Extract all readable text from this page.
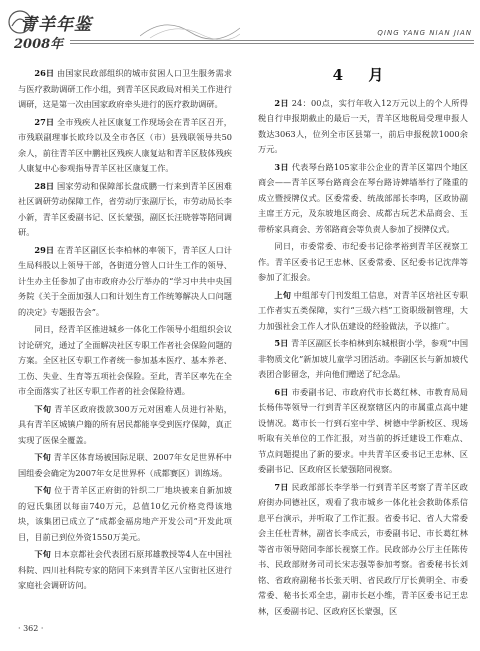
青羊年鉴
2008年
QING YANG NIAN JIAN

26日 由国家民政部组织的城市贫困人口卫生服务需求与医疗救助调研工作小组，到青羊区民政局对相关工作进行调研，这是第一次由国家政府牵头进行的医疗救助调研。

27日 全市残疾人社区康复工作现场会在青羊区召开，市残联副理事长欧玲以及全市各区（市）县残联领导共50余人，前往青羊区中鹏社区残疾人康复站和青羊区肢体残疾人康复中心参观指导青羊区社区康复工作。

28日 国家劳动和保障部长盘成鹏一行来到青羊区困难社区调研劳动保障工作，省劳动厅张副厅长，市劳动局长李小新，青羊区委副书记、区长蒙强，副区长汪晓蓉等陪同调研。

29日 在青羊区副区长李柏林的率领下，青羊区人口计生局科股以上领导干部，各街道分管人口计生工作的领导、计生办主任参加了由市政府办公厅举办的“学习中共中央国务院《关于全面加强人口和计划生育工作统筹解决人口问题的决定》专题报告会”。

同日，经青羊区推进城乡一体化工作领导小组组织会议讨论研究，通过了全面解决社区专职工作者社会保险问题的方案。全区社区专职工作者统一参加基本医疗、基本养老、工伤、失业、生育等五项社会保险。至此，青羊区率先在全市全面落实了社区专职工作者的社会保险待遇。

下旬 青羊区政府拨款300万元对困难人员进行补贴，具有青羊区城镇户籍的所有居民都能享受到医疗保障，真正实现了医保全覆盖。

下旬 青羊区体育场被国际足联、2007年女足世界杯中国组委会确定为2007年女足世界杯（成都赛区）训练场。

下旬 位于青羊区正府街的针织二厂地块被来自新加坡的冠氏集团以每亩740万元，总值10亿元价格竞得该地块，该集团已成立了“成都金福房地产开发公司”开发此项目，目前已到位外资1550万美元。

下旬 日本京都社会代表团石原邦雄教授等4人在中国社科院、四川社科院专家的陪同下来到青羊区八宝街社区进行家庭社会调研访问。

4 月

2日 24：00点，实行年收入12万元以上的个人所得税自行申报期截止的最后一天，青羊区地税局受理申报人数达3063人，位列全市区县第一，前后申报税款1000余万元。

3日 代表琴台路105家非公企业的青羊区第四个地区商会——青羊区琴台路商会在琴台路诗婢墙举行了隆重的成立暨授牌仪式。区委常委、统战部部长李鸣，区政协副主席王方元，及东坡地区商会、成都古玩艺术品商会、玉带桥家具商会、芳邻路商会等负责人参加了授牌仪式。

同日，市委常委、市纪委书记徐孝裕到青羊区视察工作。青羊区委书记王忠林、区委常委、区纪委书记沈萍等参加了汇报会。

上旬 中组部专门刊发组工信息，对青羊区培社区专职工作者实五类保障，实行“三级六档”工资职级制管理，大力加强社会工作人才队伍建设的经验做法，予以推广。

5日 青羊区副区长李柏林到东城根街小学，参观“中国非物质文化”新加坡儿童学习团活动。李副区长与新加坡代表团合影留念，并向他们赠送了纪念品。

6日 市委副书记、市政府代市长葛红林、市教育局局长杨伟等领导一行到青羊区视察辖区内的市属重点高中建设情况。葛市长一行到石室中学、树德中学新校区、现场听取有关单位的工作汇报，对当前的拆迁建设工作难点、节点问题提出了新的要求。中共青羊区委书记王忠林、区委副书记、区政府区长蒙强陪同视察。

7日 民政部部长李学举一行到青羊区考察了青羊区政府街办同德社区，观看了我市城乡一体化社会救助体系信息平台演示，并听取了工作汇报。省委书记、省人大常委会主任杜青林，副省长李成云，市委副书记、市长葛红林等省市领导陪同李部长视察工作。民政部办公厅主任陈传书、民政部财务司司长宋志强等参加考察。省委秘书长刘铭、省政府副秘书长张天明、省民政厅厅长黄明全、市委常委、秘书长邓全忠，副市长赵小维，青羊区委书记王忠林，区委副书记、区政府区长蒙强，区

· 362 ·
